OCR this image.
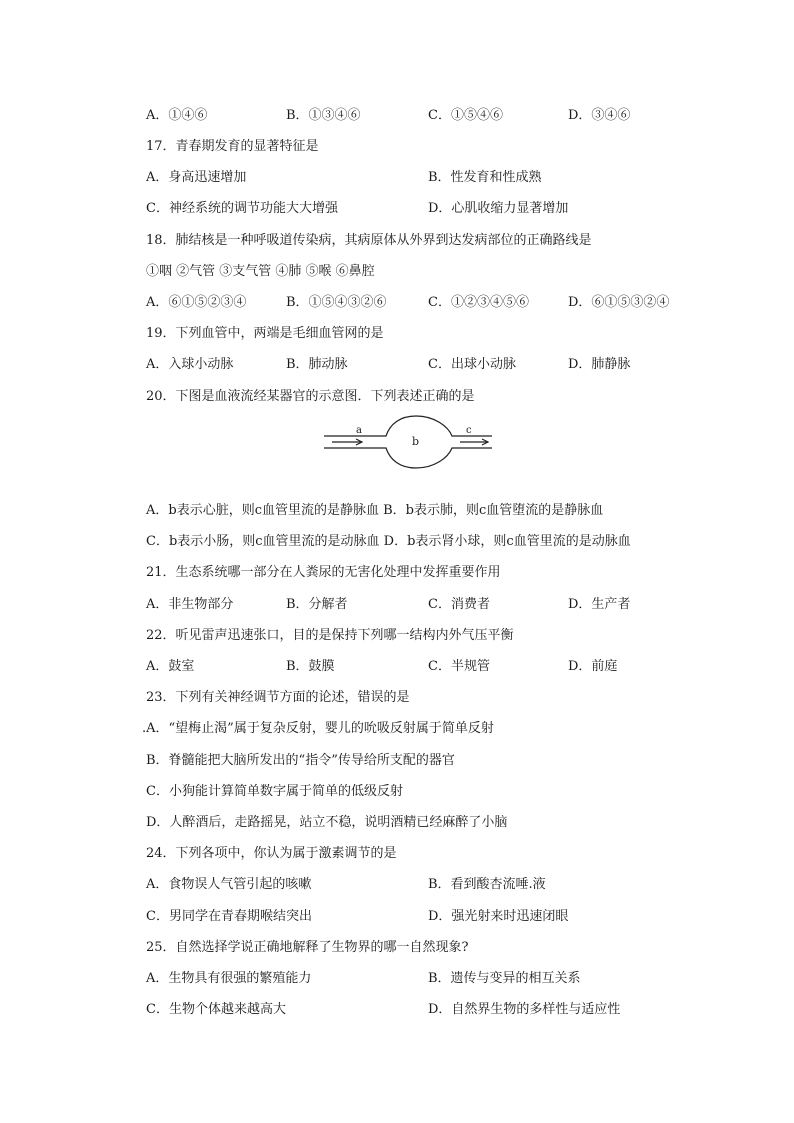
A．①④⑥	B．①③④⑥	C．①⑤④⑥	D．③④⑥
17．青春期发育的显著特征是
A．身高迅速增加	B．性发育和性成熟
C．神经系统的调节功能大大增强	D．心肌收缩力显著增加
18．肺结核是一种呼吸道传染病，其病原体从外界到达发病部位的正确路线是
①咽 ②气管 ③支气管 ④肺 ⑤喉 ⑥鼻腔
A．⑥①⑤②③④	B．①⑤④③②⑥	C．①②③④⑤⑥	D．⑥①⑤③②④
19．下列血管中，两端是毛细血管网的是
A．入球小动脉	B．肺动脉	C．出球小动脉	D．肺静脉
20．下图是血液流经某器官的示意图．下列表述正确的是
a
b
c
A．b表示心脏，则c血管里流的是静脉血 B．b表示肺，则c血管堕流的是静脉血
C．b表示小肠，则c血管里流的是动脉血 D．b表示肾小球，则c血管里流的是动脉血
21．生态系统哪一部分在人粪尿的无害化处理中发挥重要作用
A．非生物部分	B．分解者	C．消费者	D．生产者
22．听见雷声迅速张口，目的是保持下列哪一结构内外气压平衡
A．鼓室	B．鼓膜	C．半规管	D．前庭
23．下列有关神经调节方面的论述，错误的是
.A．“望梅止渴”属于复杂反射，婴儿的吮吸反射属于简单反射
B．脊髓能把大脑所发出的“指令”传导给所支配的器官
C．小狗能计算简单数字属于简单的低级反射
D．人醉酒后，走路摇晃，站立不稳，说明酒精已经麻醉了小脑
24．下列各项中，你认为属于激素调节的是
A．食物误人气管引起的咳嗽	B．看到酸杏流唾.液
C．男同学在青春期喉结突出	D．强光射来时迅速闭眼
25．自然选择学说正确地解释了生物界的哪一自然现象?
A．生物具有很强的繁殖能力	B．遗传与变异的相互关系
C．生物个体越来越高大	D．自然界生物的多样性与适应性
